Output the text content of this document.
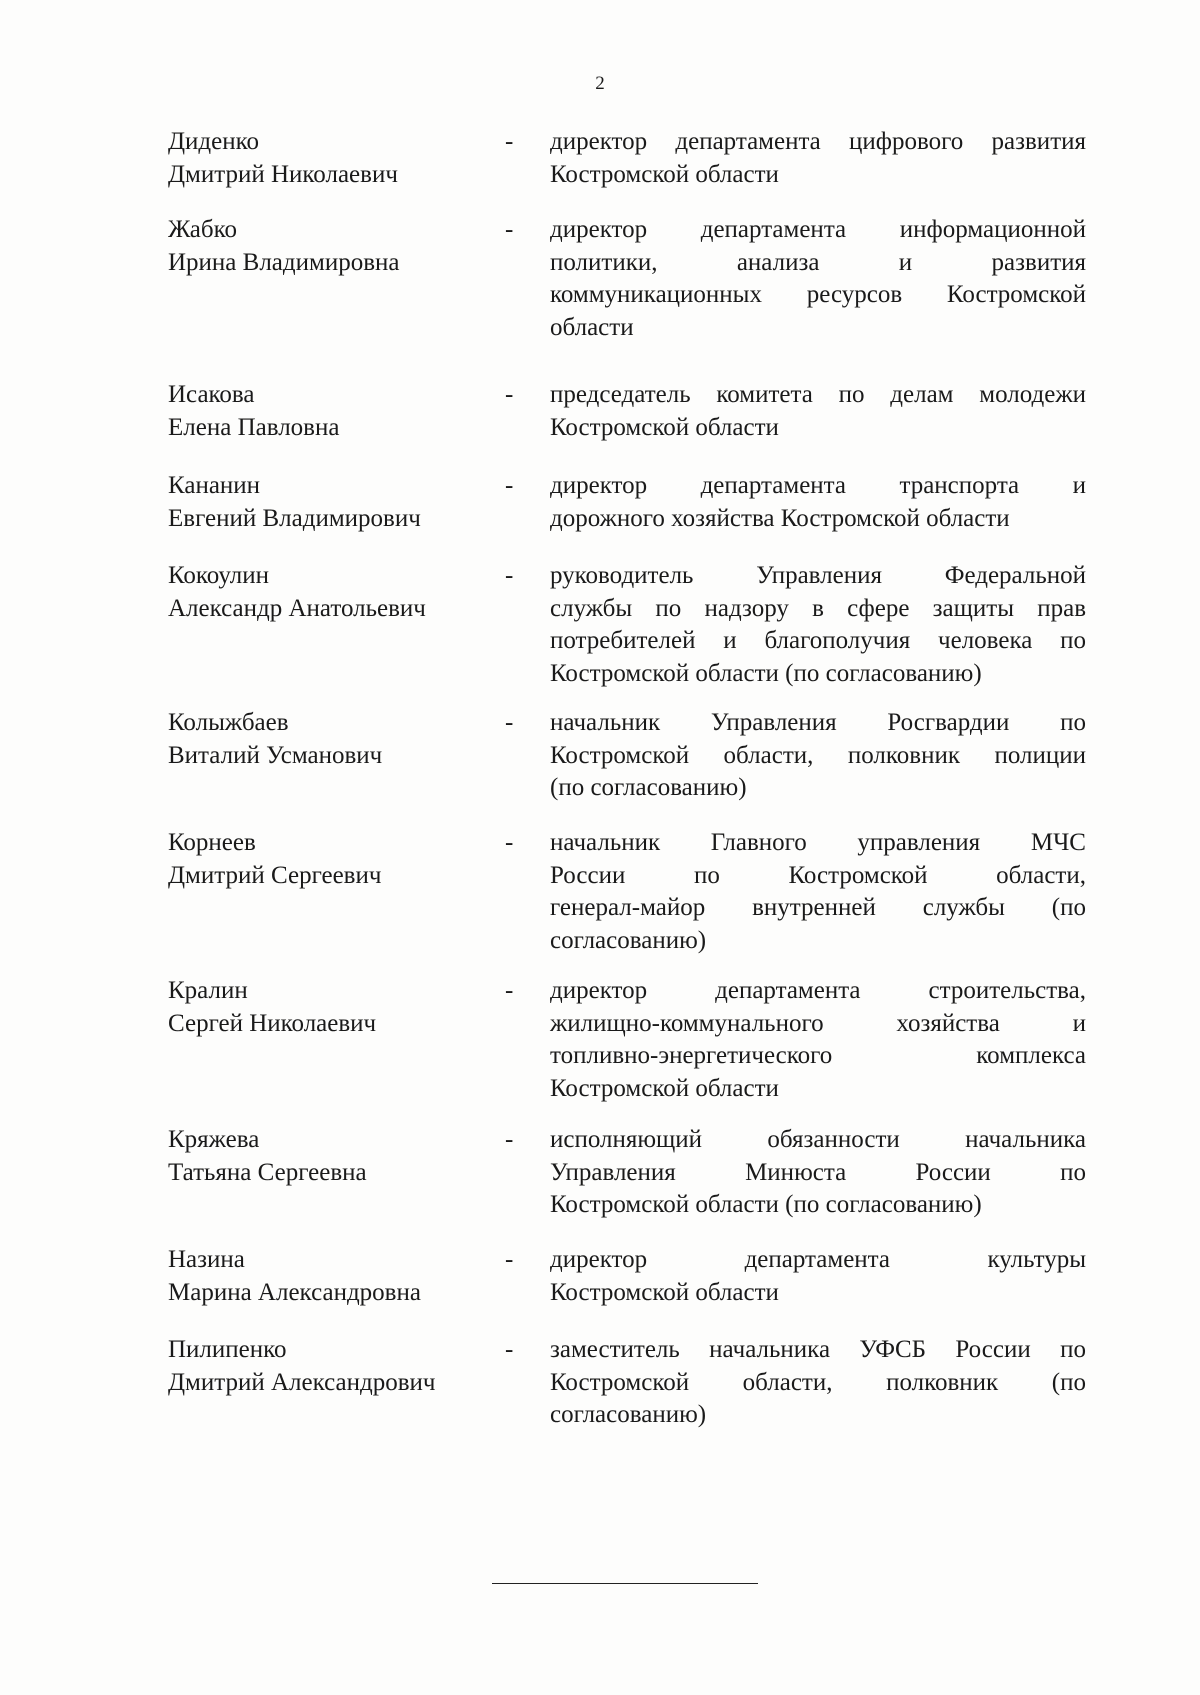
2
Диденко
Дмитрий Николаевич
- директор департамента цифрового развития
Костромской области
Жабко
Ирина Владимировна
- директор департамента информационной
политики, анализа и развития
коммуникационных ресурсов Костромской
области
Исакова
Елена Павловна
- председатель комитета по делам молодежи
Костромской области
Кананин
Евгений Владимирович
- директор департамента транспорта и
дорожного хозяйства Костромской области
Кокоулин
Александр Анатольевич
- руководитель Управления Федеральной
службы по надзору в сфере защиты прав
потребителей и благополучия человека по
Костромской области (по согласованию)
Колыжбаев
Виталий Усманович
- начальник Управления Росгвардии по
Костромской области, полковник полиции
(по согласованию)
Корнеев
Дмитрий Сергеевич
- начальник Главного управления МЧС
России по Костромской области,
генерал-майор внутренней службы (по
согласованию)
Кралин
Сергей Николаевич
- директор департамента строительства,
жилищно-коммунального хозяйства и
топливно-энергетического комплекса
Костромской области
Кряжева
Татьяна Сергеевна
- исполняющий обязанности начальника
Управления Минюста России по
Костромской области (по согласованию)
Назина
Марина Александровна
- директор департамента культуры
Костромской области
Пилипенко
Дмитрий Александрович
- заместитель начальника УФСБ России по
Костромской области, полковник (по
согласованию)
